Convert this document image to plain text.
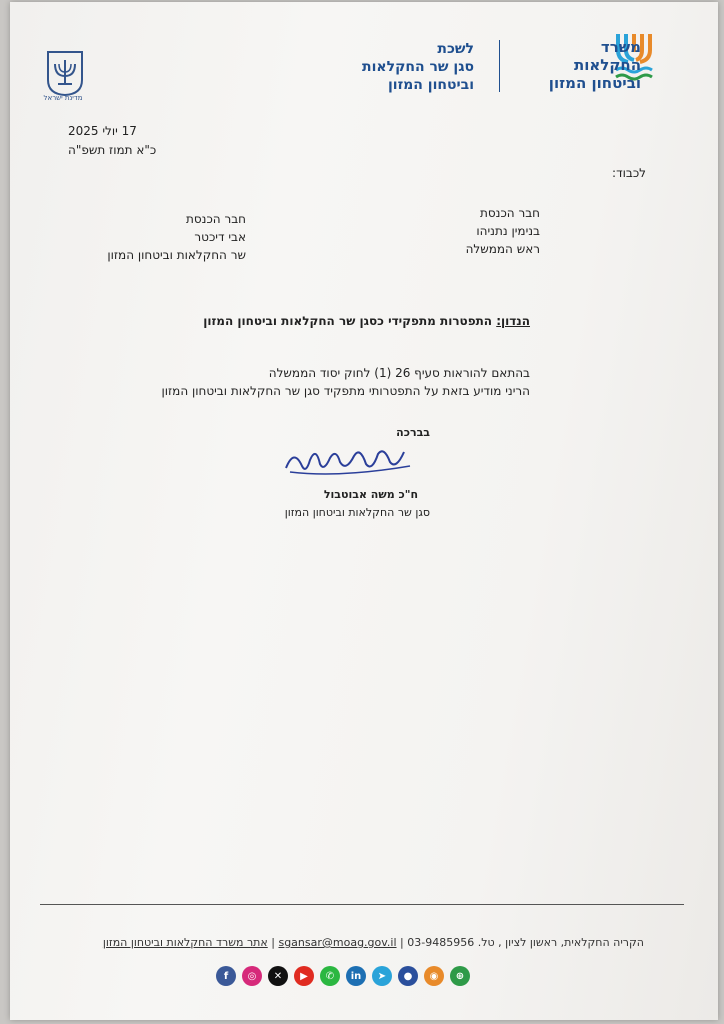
משרד
החקלאות
וביטחון המזון
לשכת
סגן שר החקלאות
וביטחון המזון
מדינת ישראל
17 יולי 2025
כ"א תמוז תשפ"ה
לכבוד:
חבר הכנסת
בנימין נתניהו
ראש הממשלה
חבר הכנסת
אבי דיכטר
שר החקלאות וביטחון המזון
הנדון: התפטרות מתפקידי כסגן שר החקלאות וביטחון המזון
בהתאם להוראות סעיף 26 (1) לחוק יסוד הממשלה
הריני מודיע בזאת על התפטרותי מתפקיד סגן שר החקלאות וביטחון המזון
בברכה
ח"כ משה אבוטבול
סגן שר החקלאות וביטחון המזון
הקריה החקלאית, ראשון לציון , טל. 03-9485956 | sgansar@moag.gov.il | אתר משרד החקלאות וביטחון המזון
f	◎	✕	▶	✆	in	➤	●	◉	⊕
